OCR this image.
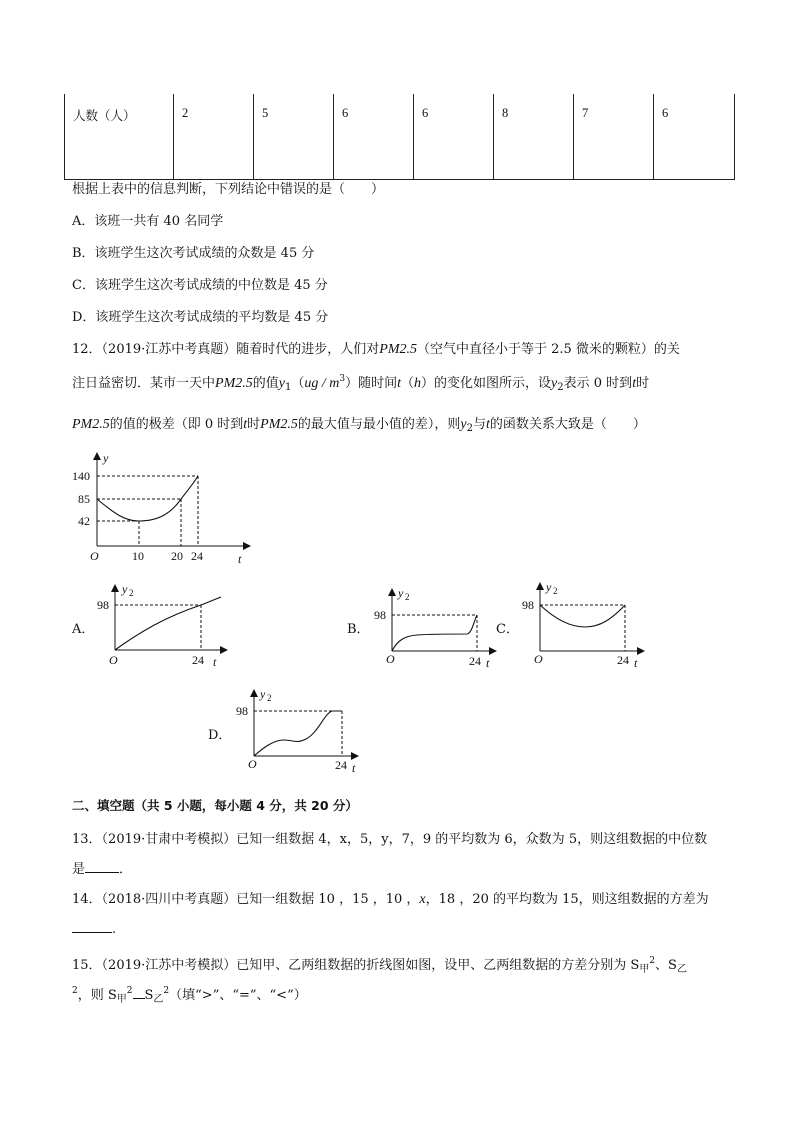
人数（人）	2	5	6	6	8	7	6
根据上表中的信息判断，下列结论中错误的是（　　）
A．该班一共有 40 名同学
B．该班学生这次考试成绩的众数是 45 分
C．该班学生这次考试成绩的中位数是 45 分
D．该班学生这次考试成绩的平均数是 45 分
12．（2019·江苏中考真题）随着时代的进步，人们对PM2.5（空气中直径小于等于 2.5 微米的颗粒）的关
注日益密切．某市一天中PM2.5的值$y_1(ug / m^3)$随时间t（h）的变化如图所示，设$y_2$表示 0 时到t时
PM2.5的值的极差（即 0 时到t时PM2.5的最大值与最小值的差），则$y_2$与t的函数关系大致是（　　）
y
140
85
42
O	10 20 24	t
A．
y 2
98
O	24 t
B．
y 2
98
O	24 t
C．
y 2
98
O	24 t
D．
y 2
98
O	24 t
二、填空题（共 5 小题，每小题 4 分，共 20 分）
13．（2019·甘肃中考模拟）已知一组数据 4，x，5，y，7，9 的平均数为 6，众数为 5，则这组数据的中位数
是	．
14．（2018·四川中考真题）已知一组数据 10 ，15 ，10 ，x，18 ，20 的平均数为 15，则这组数据的方差为
.
15．（2019·江苏中考模拟）已知甲、乙两组数据的折线图如图，设甲、乙两组数据的方差分别为 $S_甲^2$、$S_乙$
$^2$，则 $S_甲^2$ $S_乙^2$（填“>”、“=”、“<”）
